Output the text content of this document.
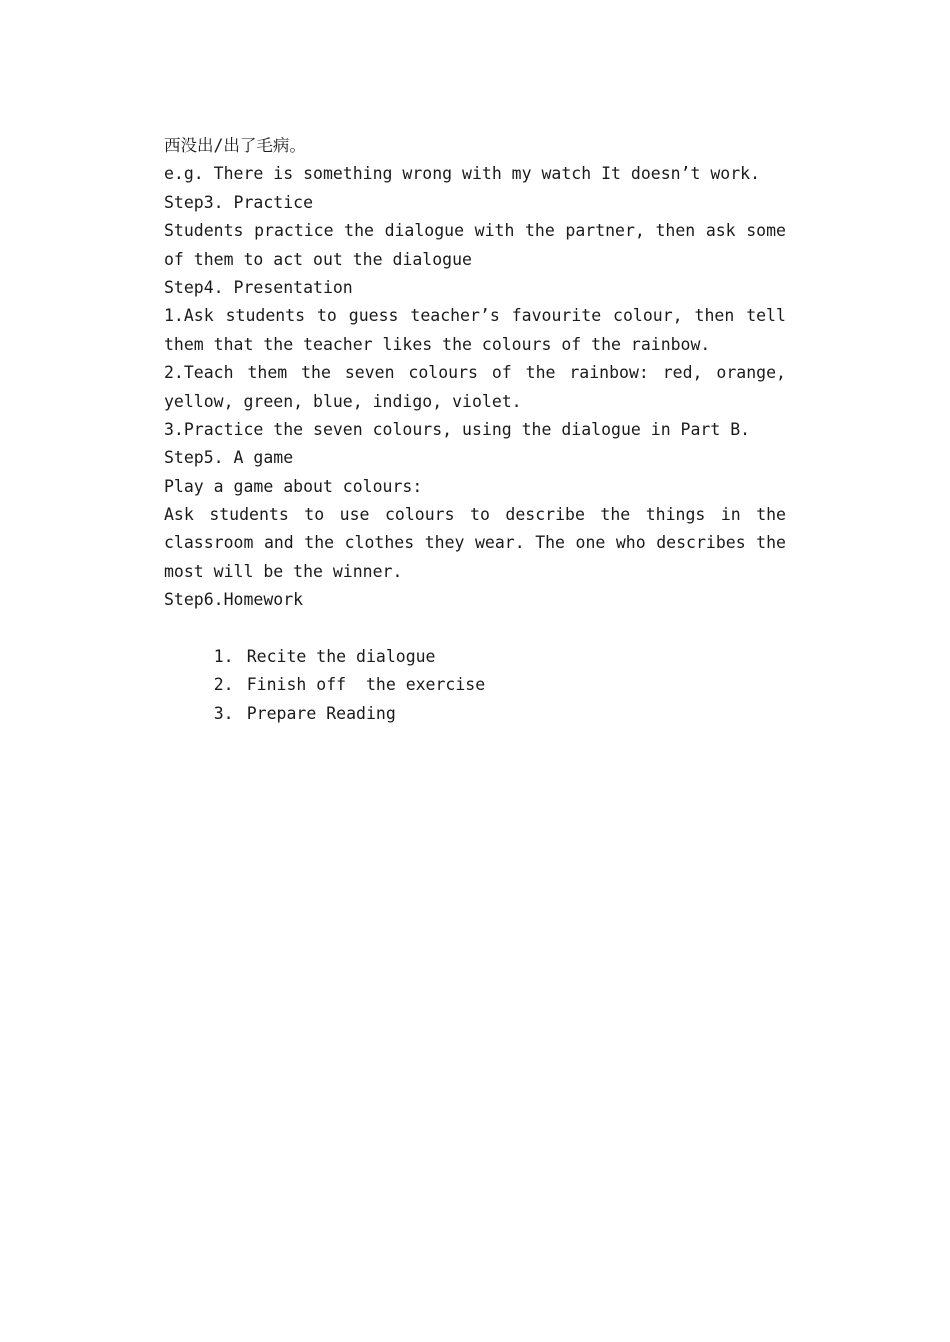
西没出/出了毛病。
e.g. There is something wrong with my watch It doesn’t work.
Step3. Practice
Students practice the dialogue with the partner, then ask some
of them to act out the dialogue
Step4. Presentation
1.Ask students to guess teacher’s favourite colour, then tell
them that the teacher likes the colours of the rainbow.
2.Teach them the seven colours of the rainbow: red, orange,
yellow, green, blue, indigo, violet.
3.Practice the seven colours, using the dialogue in Part B.
Step5. A game
Play a game about colours:
Ask students to use colours to describe the things in the
classroom and the clothes they wear. The one who describes the
most will be the winner.
Step6.Homework

1. Recite the dialogue

2. Finish off  the exercise

3. Prepare Reading
